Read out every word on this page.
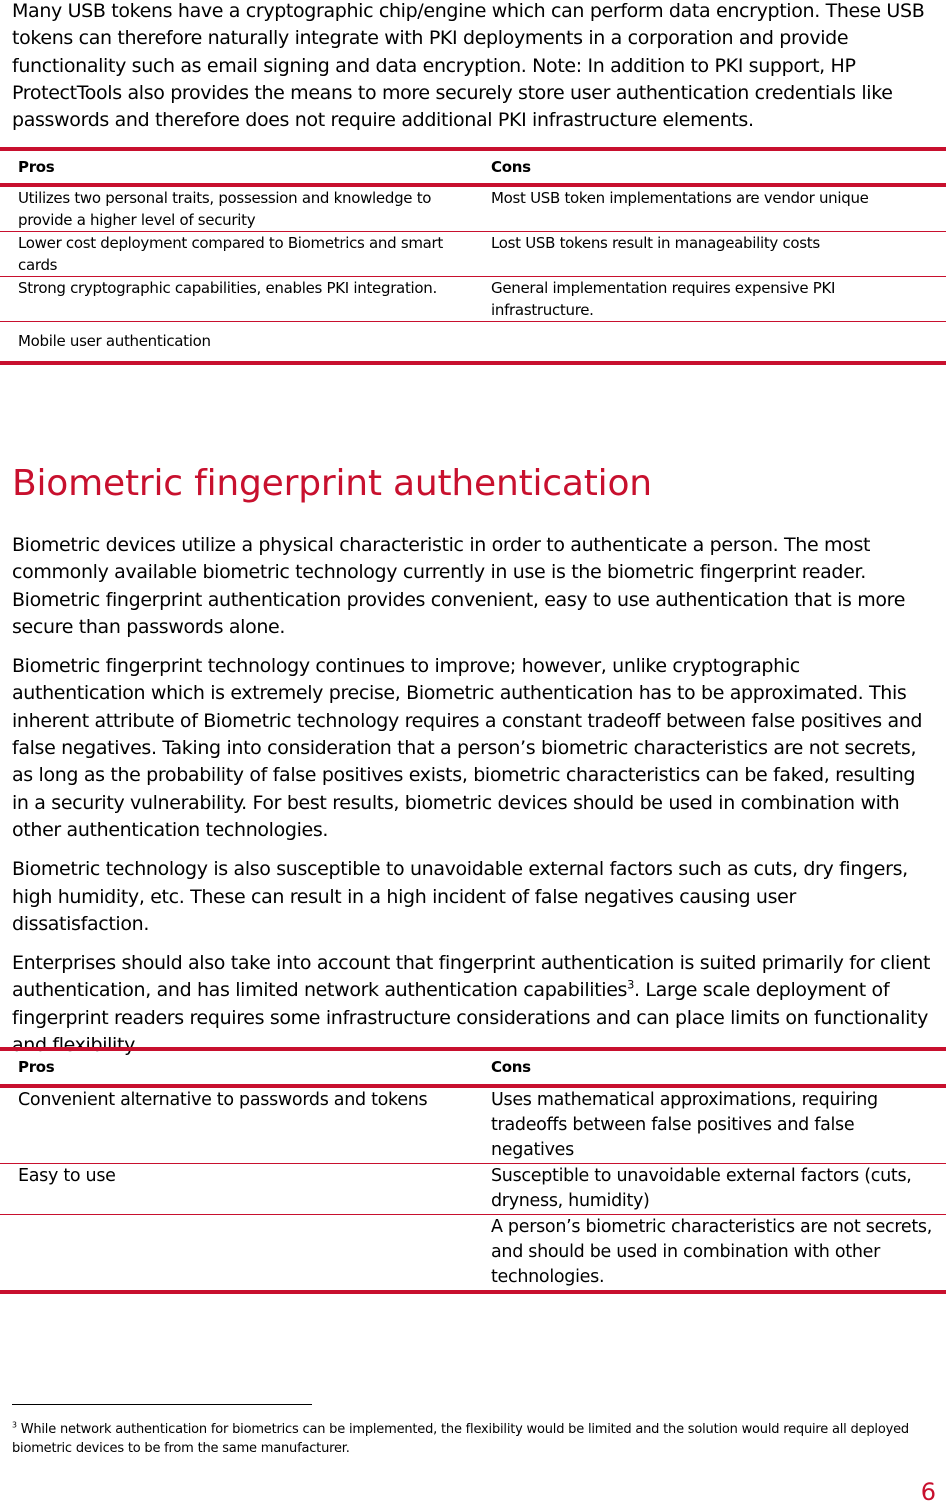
Many USB tokens have a cryptographic chip/engine which can perform data encryption. These USB tokens can therefore naturally integrate with PKI deployments in a corporation and provide functionality such as email signing and data encryption. Note: In addition to PKI support, HP ProtectTools also provides the means to more securely store user authentication credentials like passwords and therefore does not require additional PKI infrastructure elements.

Pros	Cons
Utilizes two personal traits, possession and knowledge to provide a higher level of security	Most USB token implementations are vendor unique
Lower cost deployment compared to Biometrics and smart cards	Lost USB tokens result in manageability costs
Strong cryptographic capabilities, enables PKI integration.	General implementation requires expensive PKI infrastructure.
Mobile user authentication	
Biometric fingerprint authentication

Biometric devices utilize a physical characteristic in order to authenticate a person. The most commonly available biometric technology currently in use is the biometric fingerprint reader. Biometric fingerprint authentication provides convenient, easy to use authentication that is more secure than passwords alone.

Biometric fingerprint technology continues to improve; however, unlike cryptographic authentication which is extremely precise, Biometric authentication has to be approximated. This inherent attribute of Biometric technology requires a constant tradeoff between false positives and false negatives. Taking into consideration that a person’s biometric characteristics are not secrets, as long as the probability of false positives exists, biometric characteristics can be faked, resulting in a security vulnerability. For best results, biometric devices should be used in combination with other authentication technologies.

Biometric technology is also susceptible to unavoidable external factors such as cuts, dry fingers, high humidity, etc. These can result in a high incident of false negatives causing user dissatisfaction.

Enterprises should also take into account that fingerprint authentication is suited primarily for client authentication, and has limited network authentication capabilities$^3$. Large scale deployment of fingerprint readers requires some infrastructure considerations and can place limits on functionality and flexibility.

Pros	Cons
Convenient alternative to passwords and tokens	Uses mathematical approximations, requiring tradeoffs between false positives and false negatives
Easy to use	Susceptible to unavoidable external factors (cuts, dryness, humidity)
	A person’s biometric characteristics are not secrets, and should be used in combination with other technologies.
$^3$ While network authentication for biometrics can be implemented, the flexibility would be limited and the solution would require all deployed biometric devices to be from the same manufacturer.
6
